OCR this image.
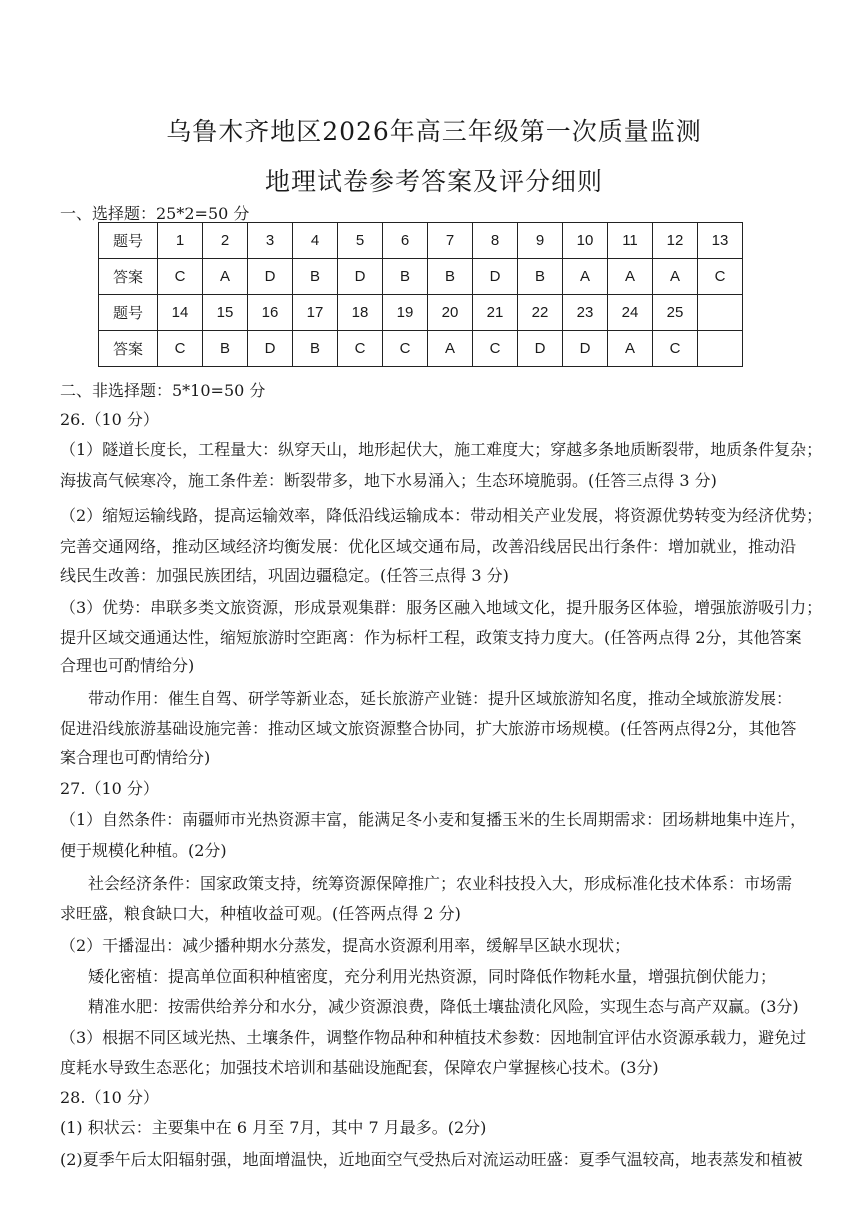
乌鲁木齐地区2026年高三年级第一次质量监测
地理试卷参考答案及评分细则
一、选择题：25*2=50 分
题号	1	2	3	4	5	6	7	8	9	10	11	12	13
答案	C	A	D	B	D	B	B	D	B	A	A	A	C
题号	14	15	16	17	18	19	20	21	22	23	24	25	
答案	C	B	D	B	C	C	A	C	D	D	A	C	
二、非选择题：5*10=50 分
26.（10 分）
（1）隧道长度长，工程量大：纵穿天山，地形起伏大，施工难度大；穿越多条地质断裂带，地质条件复杂；
海拔高气候寒冷，施工条件差：断裂带多，地下水易涌入；生态环境脆弱。(任答三点得 3 分)
（2）缩短运输线路，提高运输效率，降低沿线运输成本：带动相关产业发展，将资源优势转变为经济优势；
完善交通网络，推动区域经济均衡发展：优化区域交通布局，改善沿线居民出行条件：增加就业，推动沿
线民生改善：加强民族团结，巩固边疆稳定。(任答三点得 3 分)
（3）优势：串联多类文旅资源，形成景观集群：服务区融入地域文化，提升服务区体验，增强旅游吸引力；
提升区域交通通达性，缩短旅游时空距离：作为标杆工程，政策支持力度大。(任答两点得 2分，其他答案
合理也可酌情给分)
带动作用：催生自驾、研学等新业态，延长旅游产业链：提升区域旅游知名度，推动全域旅游发展：
促进沿线旅游基础设施完善：推动区域文旅资源整合协同，扩大旅游市场规模。(任答两点得2分，其他答
案合理也可酌情给分)
27.（10 分）
（1）自然条件：南疆师市光热资源丰富，能满足冬小麦和复播玉米的生长周期需求：团场耕地集中连片，
便于规模化种植。(2分)
社会经济条件：国家政策支持，统筹资源保障推广；农业科技投入大，形成标准化技术体系：市场需
求旺盛，粮食缺口大，种植收益可观。(任答两点得 2 分)
（2）干播湿出：减少播种期水分蒸发，提高水资源利用率，缓解旱区缺水现状；
矮化密植：提高单位面积种植密度，充分利用光热资源，同时降低作物耗水量，增强抗倒伏能力；
精准水肥：按需供给养分和水分，减少资源浪费，降低土壤盐渍化风险，实现生态与高产双赢。(3分)
（3）根据不同区域光热、土壤条件，调整作物品种和种植技术参数：因地制宜评估水资源承载力，避免过
度耗水导致生态恶化；加强技术培训和基础设施配套，保障农户掌握核心技术。(3分)
28.（10 分）
(1) 积状云：主要集中在 6 月至 7月，其中 7 月最多。(2分)
(2)夏季午后太阳辐射强，地面增温快，近地面空气受热后对流运动旺盛：夏季气温较高，地表蒸发和植被
